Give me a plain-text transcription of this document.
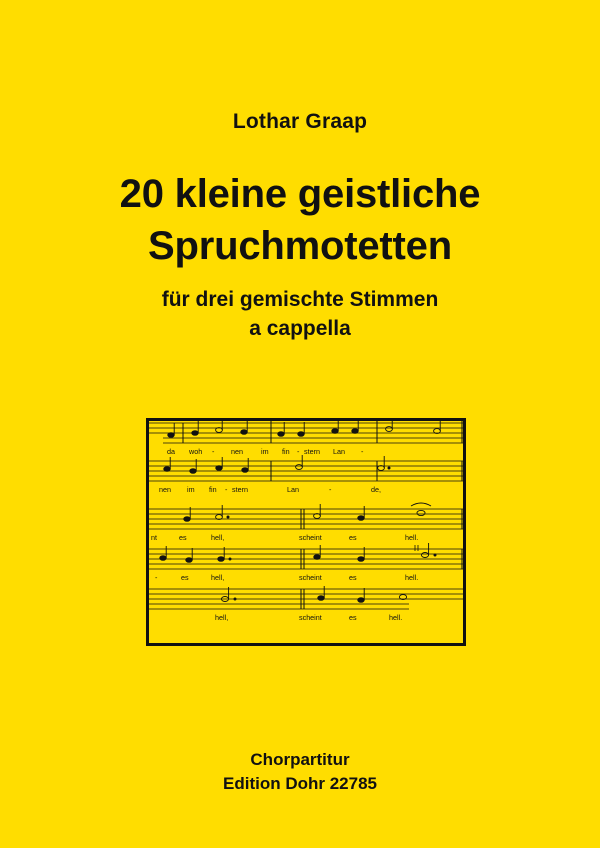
Lothar Graap
20 kleine geistliche
Spruchmotetten
für drei gemischte Stimmen
a cappella
da woh - nen	im fin - stern Lan -
nen im fin - stern	Lan	-	de,
nt	es	hell,	scheint	es	hell.
-	es	hell,	scheint	es	hell.
hell,	scheint	es	hell.
Chorpartitur
Edition Dohr 22785
